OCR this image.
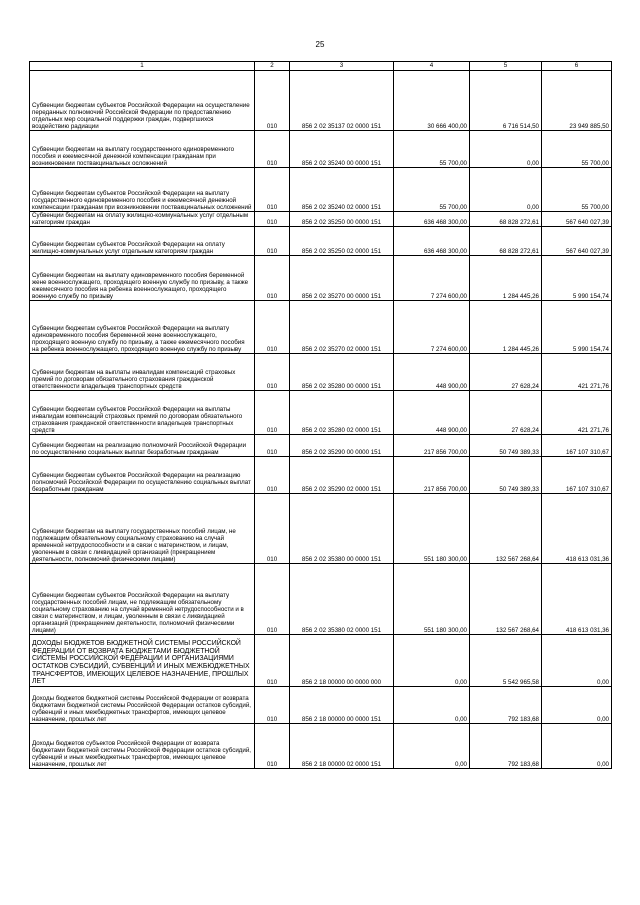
25
1	2	3	4	5	6
Субвенции бюджетам субъектов Российской Федерации на осуществление переданных полномочий Российской Федерации по предоставлению отдельных мер социальной поддержки граждан, подвергшихся воздействию радиации	010	856 2 02 35137 02 0000 151	30 666 400,00	6 716 514,50	23 949 885,50
Субвенции бюджетам на выплату государственного единовременного пособия и ежемесячной денежной компенсации гражданам при возникновении поствакцинальных осложнений	010	856 2 02 35240 00 0000 151	55 700,00	0,00	55 700,00
Субвенции бюджетам субъектов Российской Федерации на выплату государственного единовременного пособия и ежемесячной денежной компенсации гражданам при возникновении поствакцинальных осложнений	010	856 2 02 35240 02 0000 151	55 700,00	0,00	55 700,00
Субвенции бюджетам на оплату жилищно-коммунальных услуг отдельным категориям граждан	010	856 2 02 35250 00 0000 151	636 468 300,00	68 828 272,61	567 640 027,39
Субвенции бюджетам субъектов Российской Федерации на оплату жилищно-коммунальных услуг отдельным категориям граждан	010	856 2 02 35250 02 0000 151	636 468 300,00	68 828 272,61	567 640 027,39
Субвенции бюджетам на выплату единовременного пособия беременной жене военнослужащего, проходящего военную службу по призыву, а также ежемесячного пособия на ребенка военнослужащего, проходящего военную службу по призыву	010	856 2 02 35270 00 0000 151	7 274 600,00	1 284 445,26	5 990 154,74
Субвенции бюджетам субъектов Российской Федерации на выплату единовременного пособия беременной жене военнослужащего, проходящего военную службу по призыву, а также ежемесячного пособия на ребенка военнослужащего, проходящего военную службу по призыву	010	856 2 02 35270 02 0000 151	7 274 600,00	1 284 445,26	5 990 154,74
Субвенции бюджетам на выплаты инвалидам компенсаций страховых премий по договорам обязательного страхования гражданской ответственности владельцев транспортных средств	010	856 2 02 35280 00 0000 151	448 900,00	27 628,24	421 271,76
Субвенции бюджетам субъектов Российской Федерации на выплаты инвалидам компенсаций страховых премий по договорам обязательного страхования гражданской ответственности владельцев транспортных средств	010	856 2 02 35280 02 0000 151	448 900,00	27 628,24	421 271,76
Субвенции бюджетам на реализацию полномочий Российской Федерации по осуществлению социальных выплат безработным гражданам	010	856 2 02 35290 00 0000 151	217 856 700,00	50 749 389,33	167 107 310,67
Субвенции бюджетам субъектов Российской Федерации на реализацию полномочий Российской Федерации по осуществлению социальных выплат безработным гражданам	010	856 2 02 35290 02 0000 151	217 856 700,00	50 749 389,33	167 107 310,67
Субвенции бюджетам на выплату государственных пособий лицам, не подлежащим обязательному социальному страхованию на случай временной нетрудоспособности и в связи с материнством, и лицам, уволенным в связи с ликвидацией организаций (прекращением деятельности, полномочий физическими лицами)	010	856 2 02 35380 00 0000 151	551 180 300,00	132 567 268,64	418 613 031,36
Субвенции бюджетам субъектов Российской Федерации на выплату государственных пособий лицам, не подлежащим обязательному социальному страхованию на случай временной нетрудоспособности и в связи с материнством, и лицам, уволенным в связи с ликвидацией организаций (прекращением деятельности, полномочий физическими лицами)	010	856 2 02 35380 02 0000 151	551 180 300,00	132 567 268,64	418 613 031,36
ДОХОДЫ БЮДЖЕТОВ БЮДЖЕТНОЙ СИСТЕМЫ РОССИЙСКОЙ ФЕДЕРАЦИИ ОТ ВОЗВРАТА БЮДЖЕТАМИ БЮДЖЕТНОЙ СИСТЕМЫ РОССИЙСКОЙ ФЕДЕРАЦИИ И ОРГАНИЗАЦИЯМИ ОСТАТКОВ СУБСИДИЙ, СУБВЕНЦИЙ И ИНЫХ МЕЖБЮДЖЕТНЫХ ТРАНСФЕРТОВ, ИМЕЮЩИХ ЦЕЛЕВОЕ НАЗНАЧЕНИЕ, ПРОШЛЫХ ЛЕТ	010	856 2 18 00000 00 0000 000	0,00	5 542 965,58	0,00
Доходы бюджетов бюджетной системы Российской Федерации от возврата бюджетами бюджетной системы Российской Федерации остатков субсидий, субвенций и иных межбюджетных трансфертов, имеющих целевое назначение, прошлых лет	010	856 2 18 00000 00 0000 151	0,00	792 183,68	0,00
Доходы бюджетов субъектов Российской Федерации от возврата бюджетами бюджетной системы Российской Федерации остатков субсидий, субвенций и иных межбюджетных трансфертов, имеющих целевое назначение, прошлых лет	010	856 2 18 00000 02 0000 151	0,00	792 183,68	0,00
